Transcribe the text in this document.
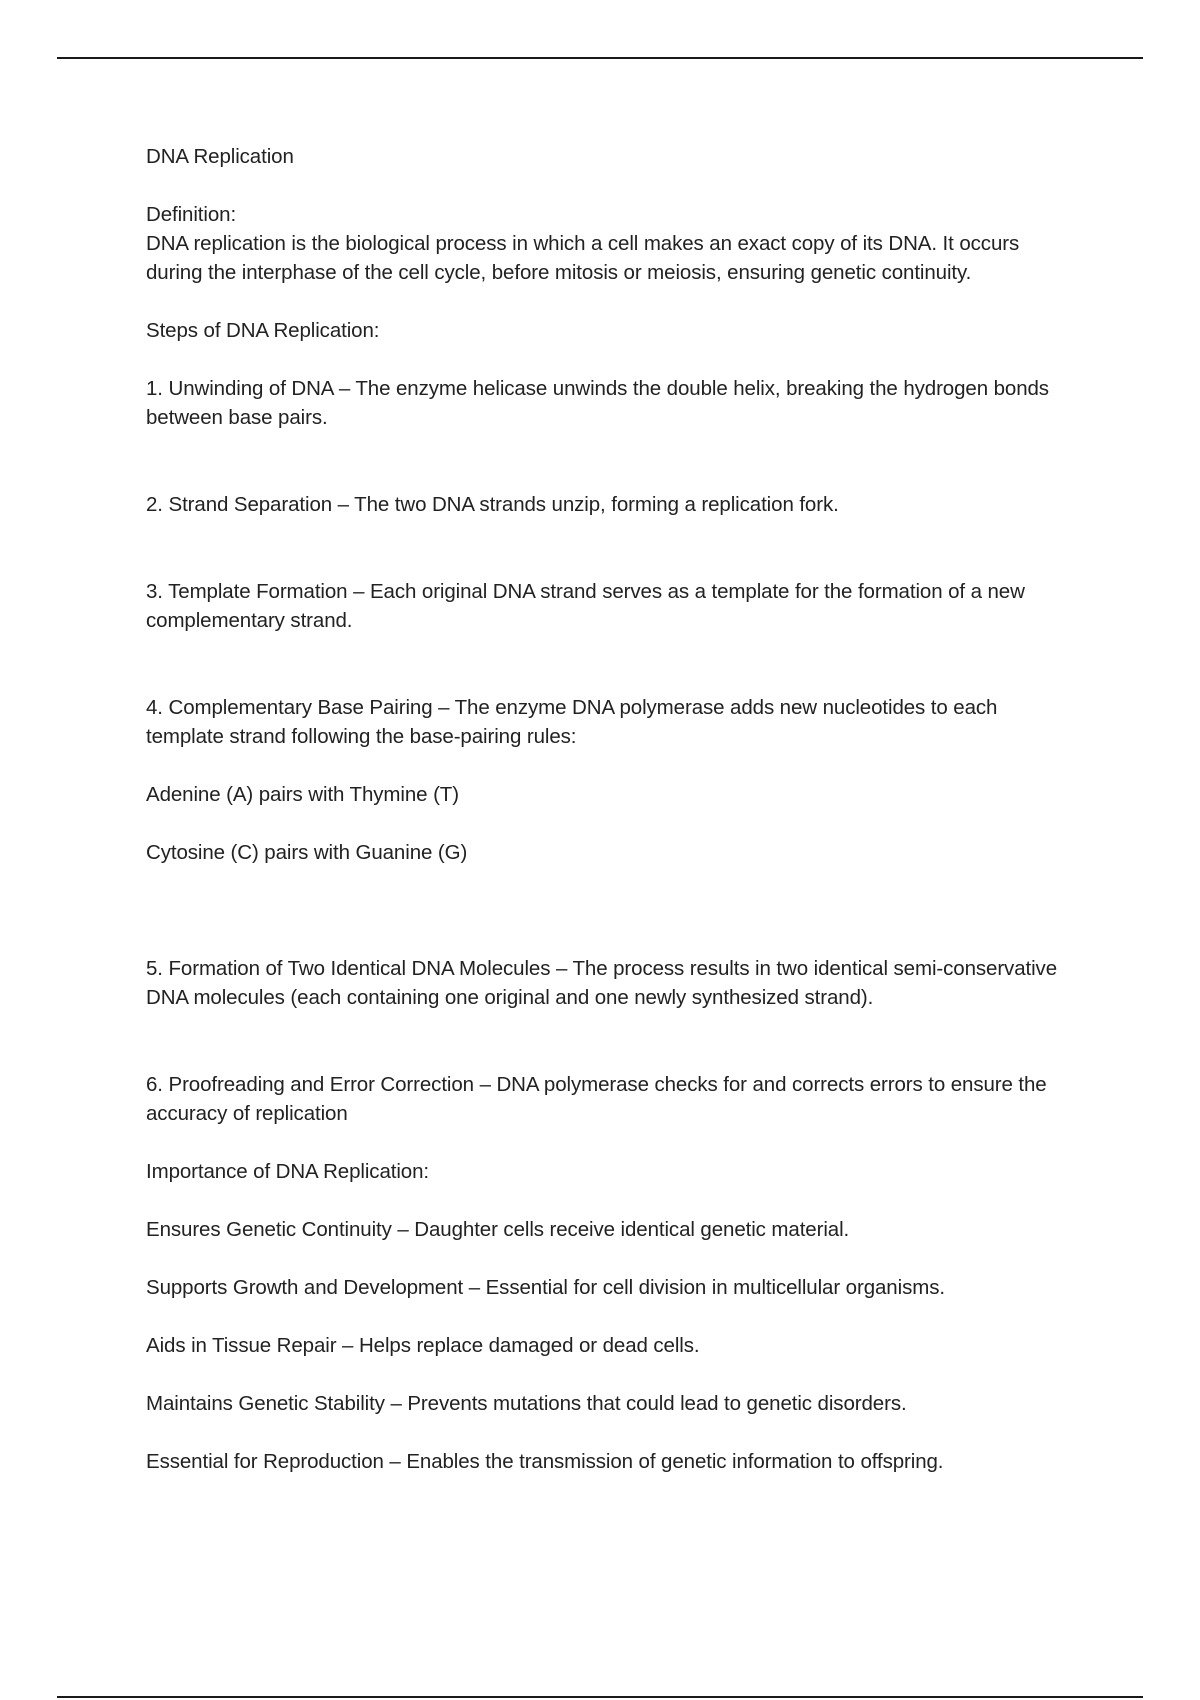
DNA Replication

Definition:

DNA replication is the biological process in which a cell makes an exact copy of its DNA. It occurs during the interphase of the cell cycle, before mitosis or meiosis, ensuring genetic continuity.

Steps of DNA Replication:

1. Unwinding of DNA – The enzyme helicase unwinds the double helix, breaking the hydrogen bonds between base pairs.

2. Strand Separation – The two DNA strands unzip, forming a replication fork.

3. Template Formation – Each original DNA strand serves as a template for the formation of a new complementary strand.

4. Complementary Base Pairing – The enzyme DNA polymerase adds new nucleotides to each template strand following the base-pairing rules:

Adenine (A) pairs with Thymine (T)

Cytosine (C) pairs with Guanine (G)

5. Formation of Two Identical DNA Molecules – The process results in two identical semi-conservative DNA molecules (each containing one original and one newly synthesized strand).

6. Proofreading and Error Correction – DNA polymerase checks for and corrects errors to ensure the accuracy of replication

Importance of DNA Replication:

Ensures Genetic Continuity – Daughter cells receive identical genetic material.

Supports Growth and Development – Essential for cell division in multicellular organisms.

Aids in Tissue Repair – Helps replace damaged or dead cells.

Maintains Genetic Stability – Prevents mutations that could lead to genetic disorders.

Essential for Reproduction – Enables the transmission of genetic information to offspring.
